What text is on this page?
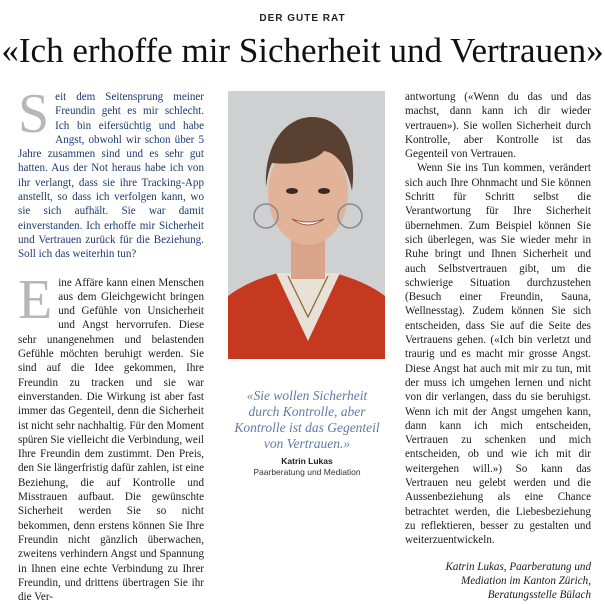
DER GUTE RAT
«Ich erhoffe mir Sicherheit und Vertrauen»

Seit dem Seitensprung meiner Freundin geht es mir schlecht. Ich bin eifersüchtig und habe Angst, obwohl wir schon über 5 Jahre zusammen sind und es sehr gut hatten. Aus der Not heraus habe ich von ihr verlangt, dass sie ihre Tracking-App anstellt, so dass ich verfolgen kann, wo sie sich aufhält. Sie war damit einverstanden. Ich erhoffe mir Sicherheit und Vertrauen zurück für die Beziehung. Soll ich das weiterhin tun?

Eine Affäre kann einen Menschen aus dem Gleichgewicht bringen und Gefühle von Unsicherheit und Angst hervorrufen. Diese sehr unangenehmen und belastenden Gefühle möchten beruhigt werden. Sie sind auf die Idee gekommen, Ihre Freundin zu tracken und sie war einverstanden. Die Wirkung ist aber fast immer das Gegenteil, denn die Sicherheit ist nicht sehr nachhaltig. Für den Moment spüren Sie vielleicht die Verbindung, weil Ihre Freundin dem zustimmt. Den Preis, den Sie längerfristig dafür zahlen, ist eine Beziehung, die auf Kontrolle und Misstrauen aufbaut. Die gewünschte Sicherheit werden Sie so nicht bekommen, denn erstens können Sie Ihre Freundin nicht gänzlich überwachen, zweitens verhindern Angst und Spannung in Ihnen eine echte Verbindung zu Ihrer Freundin, und drittens übertragen Sie ihr die Ver-

«Sie wollen Sicherheit durch Kontrolle, aber Kontrolle ist das Gegenteil von Vertrauen.»
Katrin Lukas
Paarberatung und Mediation

antwortung («Wenn du das und das machst, dann kann ich dir wieder vertrauen»). Sie wollen Sicherheit durch Kontrolle, aber Kontrolle ist das Gegenteil von Vertrauen.

Wenn Sie ins Tun kommen, verändert sich auch Ihre Ohnmacht und Sie können Schritt für Schritt selbst die Verantwortung für Ihre Sicherheit übernehmen. Zum Beispiel können Sie sich überlegen, was Sie wieder mehr in Ruhe bringt und Ihnen Sicherheit und auch Selbstvertrauen gibt, um die schwierige Situation durchzustehen (Besuch einer Freundin, Sauna, Wellnesstag). Zudem können Sie sich entscheiden, dass Sie auf die Seite des Vertrauens gehen. («Ich bin verletzt und traurig und es macht mir grosse Angst. Diese Angst hat auch mit mir zu tun, mit der muss ich umgehen lernen und nicht von dir verlangen, dass du sie beruhigst. Wenn ich mit der Angst umgehen kann, dann kann ich mich entscheiden, Vertrauen zu schenken und mich entscheiden, ob und wie ich mit dir weitergehen will.») So kann das Vertrauen neu gelebt werden und die Aussenbeziehung als eine Chance betrachtet werden, die Liebesbeziehung zu reflektieren, besser zu gestalten und weiterzuentwickeln.

Katrin Lukas, Paarberatung und
Mediation im Kanton Zürich,
Beratungsstelle Bülach
